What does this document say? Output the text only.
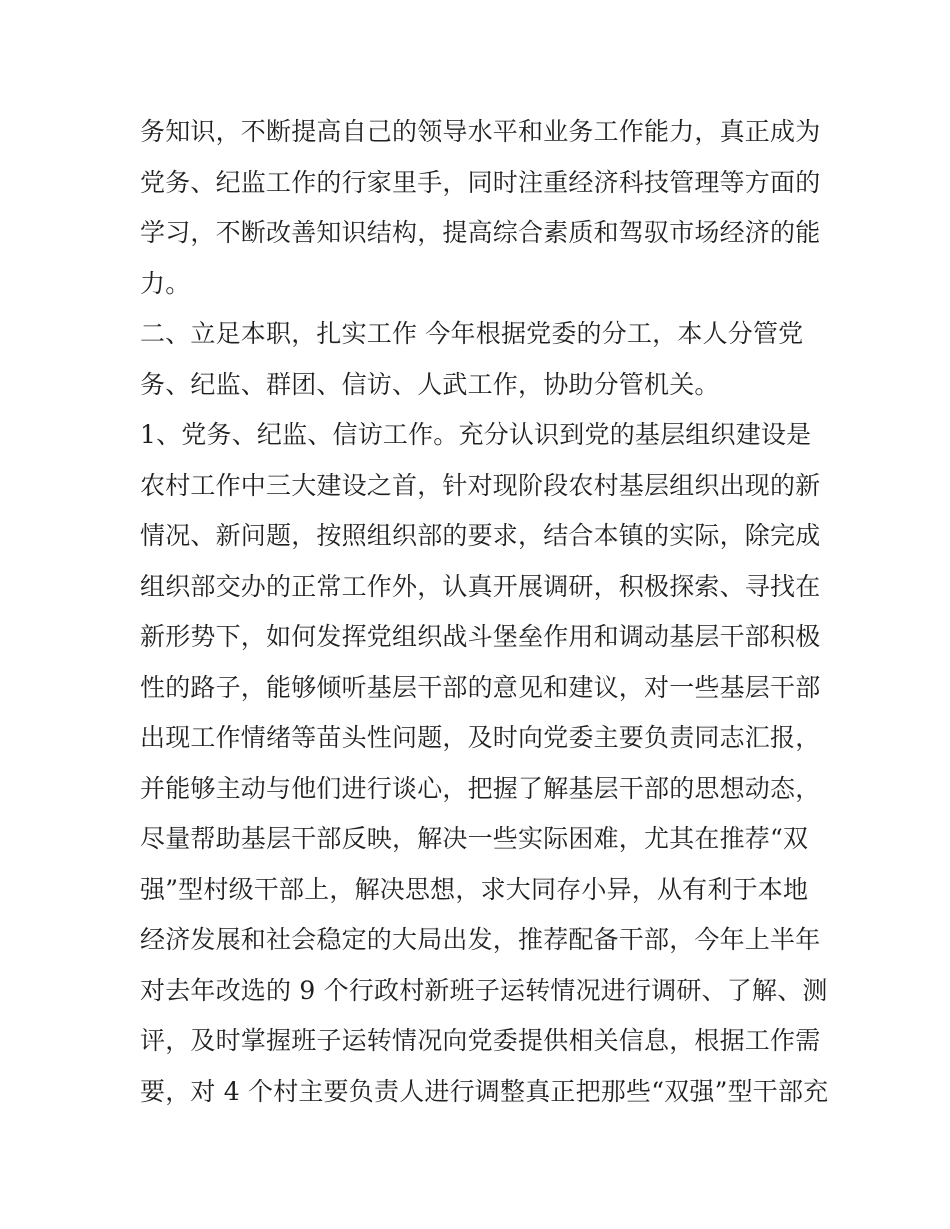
务知识，不断提高自己的领导水平和业务工作能力，真正成为
党务、纪监工作的行家里手，同时注重经济科技管理等方面的
学习，不断改善知识结构，提高综合素质和驾驭市场经济的能
力。
二、立足本职，扎实工作 今年根据党委的分工，本人分管党
务、纪监、群团、信访、人武工作，协助分管机关。
1、党务、纪监、信访工作。充分认识到党的基层组织建设是
农村工作中三大建设之首，针对现阶段农村基层组织出现的新
情况、新问题，按照组织部的要求，结合本镇的实际，除完成
组织部交办的正常工作外，认真开展调研，积极探索、寻找在
新形势下，如何发挥党组织战斗堡垒作用和调动基层干部积极
性的路子，能够倾听基层干部的意见和建议，对一些基层干部
出现工作情绪等苗头性问题，及时向党委主要负责同志汇报，
并能够主动与他们进行谈心，把握了解基层干部的思想动态，
尽量帮助基层干部反映，解决一些实际困难，尤其在推荐“双
强”型村级干部上，解决思想，求大同存小异，从有利于本地
经济发展和社会稳定的大局出发，推荐配备干部，今年上半年
对去年改选的 9 个行政村新班子运转情况进行调研、了解、测
评，及时掌握班子运转情况向党委提供相关信息，根据工作需
要，对 4 个村主要负责人进行调整真正把那些“双强”型干部充
